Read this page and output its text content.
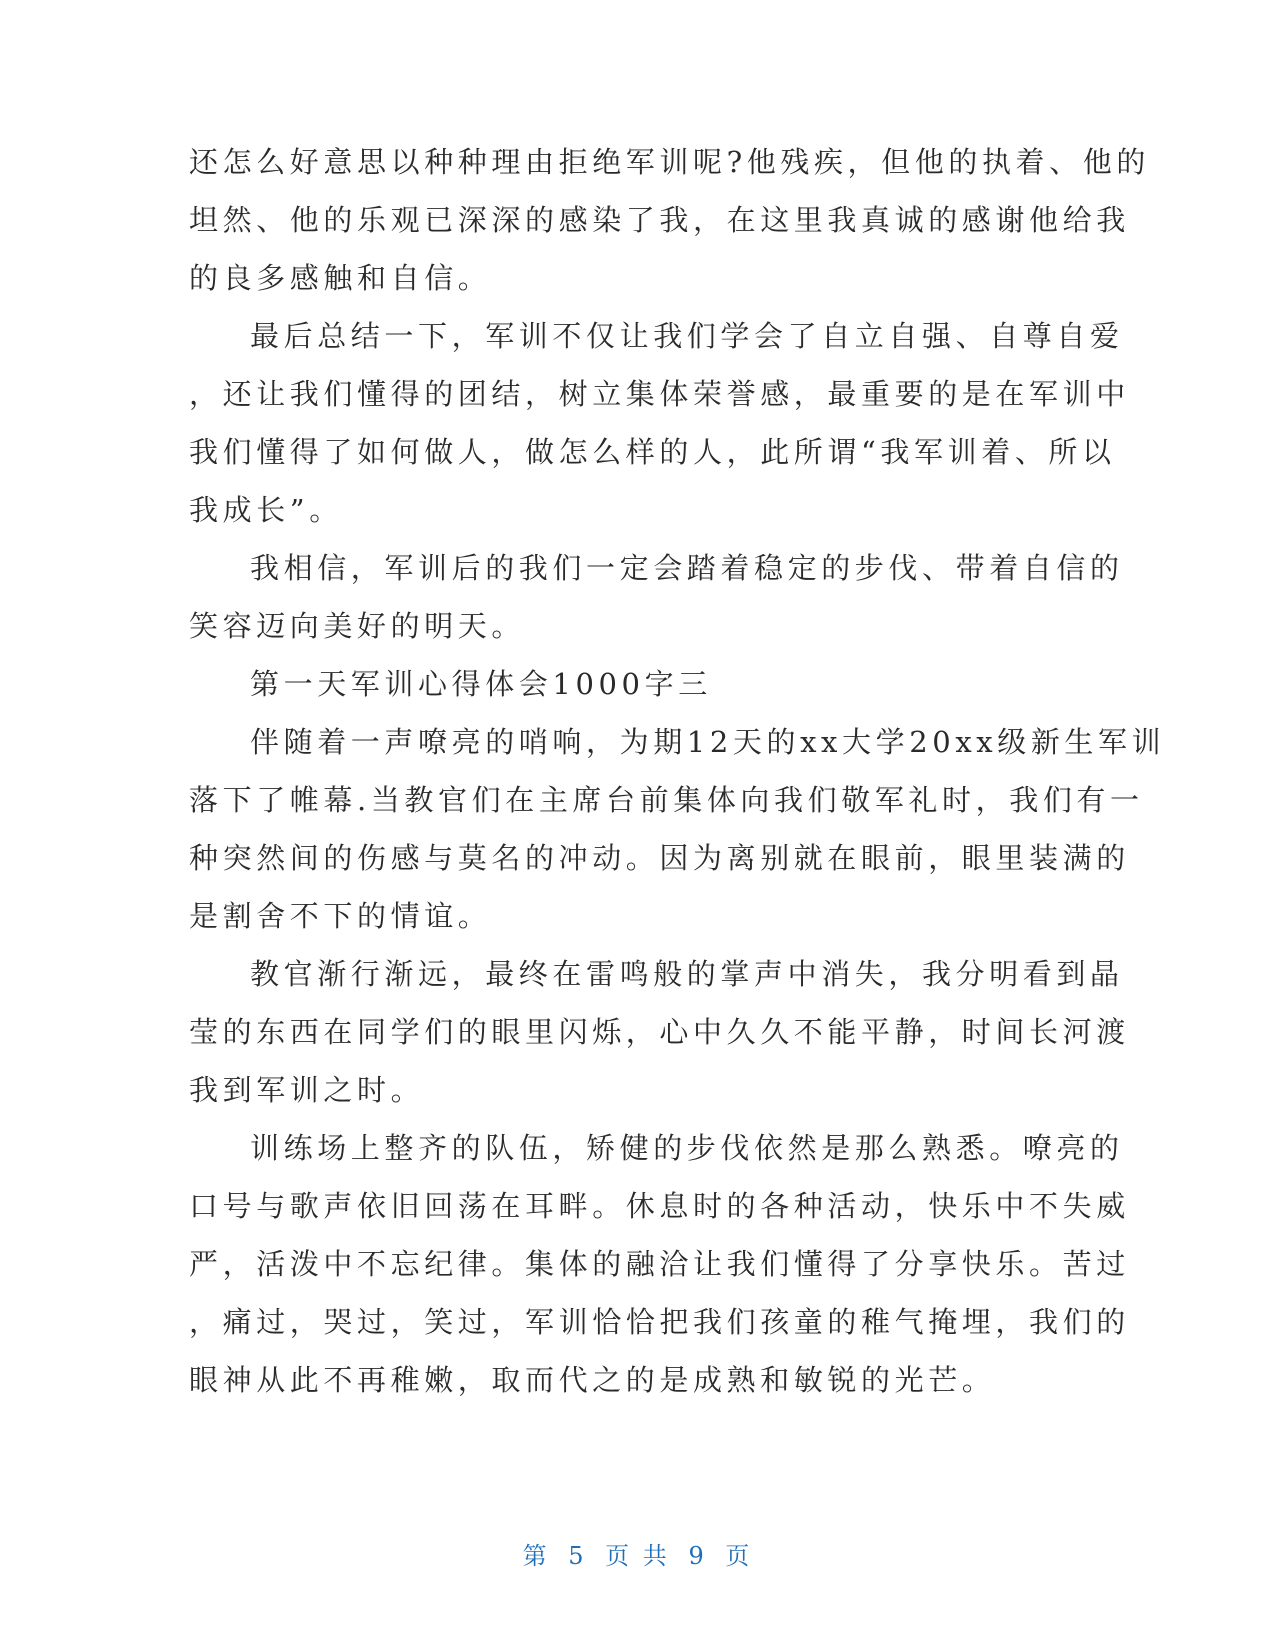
还怎么好意思以种种理由拒绝军训呢?他残疾，但他的执着、他的
坦然、他的乐观已深深的感染了我，在这里我真诚的感谢他给我
的良多感触和自信。
最后总结一下，军训不仅让我们学会了自立自强、自尊自爱
，还让我们懂得的团结，树立集体荣誉感，最重要的是在军训中
我们懂得了如何做人，做怎么样的人，此所谓“我军训着、所以
我成长”。
我相信，军训后的我们一定会踏着稳定的步伐、带着自信的
笑容迈向美好的明天。
第一天军训心得体会1000字三
伴随着一声嘹亮的哨响，为期12天的xx大学20xx级新生军训
落下了帷幕.当教官们在主席台前集体向我们敬军礼时，我们有一
种突然间的伤感与莫名的冲动。因为离别就在眼前，眼里装满的
是割舍不下的情谊。
教官渐行渐远，最终在雷鸣般的掌声中消失，我分明看到晶
莹的东西在同学们的眼里闪烁，心中久久不能平静，时间长河渡
我到军训之时。
训练场上整齐的队伍，矫健的步伐依然是那么熟悉。嘹亮的
口号与歌声依旧回荡在耳畔。休息时的各种活动，快乐中不失威
严，活泼中不忘纪律。集体的融洽让我们懂得了分享快乐。苦过
，痛过，哭过，笑过，军训恰恰把我们孩童的稚气掩埋，我们的
眼神从此不再稚嫩，取而代之的是成熟和敏锐的光芒。
第 5 页 共 9 页
